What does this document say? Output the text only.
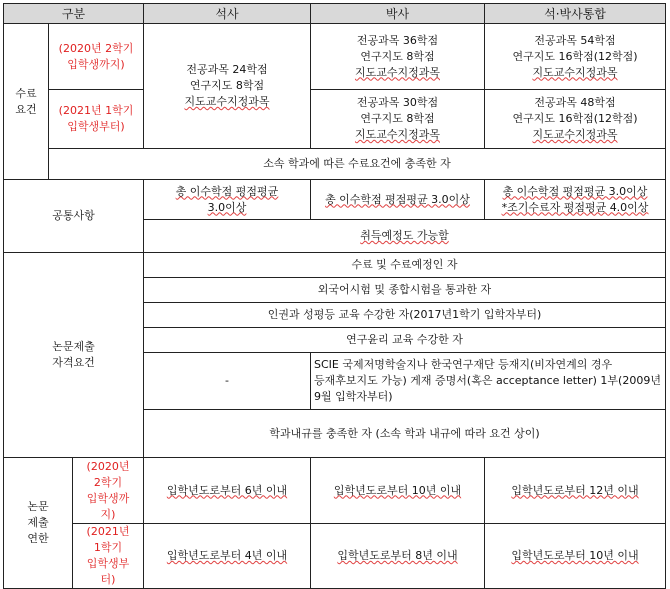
구분			석사	박사	석·박사통합

수료
요건	(2020년 2학기
입학생까지)		전공과목 24학점
연구지도 8학점
지도교수지정과목	전공과목 36학점
연구지도 8학점
지도교수지정과목	전공과목 54학점
연구지도 16학점(12학점)
지도교수지정과목

	(2021년 1학기
입학생부터)			전공과목 30학점
연구지도 8학점
지도교수지정과목	전공과목 48학점
연구지도 16학점(12학점)
지도교수지정과목

	소속 학과에 따른 수료요건에 충족한 자				
공통사항			총 이수학점 평점평균
3.0이상	총 이수학점 평점평균 3.0이상	총 이수학점 평점평균 3.0이상
*조기수료자 평점평균 4.0이상

			취득예정도 가능함		

논문제출
자격요건			수료 및 수료예정인 자		
			외국어시험 및 종합시험을 통과한 자		
			인권과 성평등 교육 수강한 자(2017년1학기 입학자부터)		
			연구윤리 교육 수강한 자		
			-	SCIE 국제저명학술지나 한국연구재단 등재지(비자연계의 경우 등재후보지도 가능) 게재 증명서(혹은 acceptance letter) 1부(2009년 9월 입학자부터)	
			학과내규를 충족한 자 (소속 학과 내규에 따라 요건 상이)		

논문
제출
연한		(2020년
2학기
입학생까
지)	입학년도로부터 6년 이내	입학년도로부터 10년 이내	입학년도로부터 12년 이내

		(2021년
1학기
입학생부
터)	입학년도로부터 4년 이내	입학년도로부터 8년 이내	입학년도로부터 10년 이내
